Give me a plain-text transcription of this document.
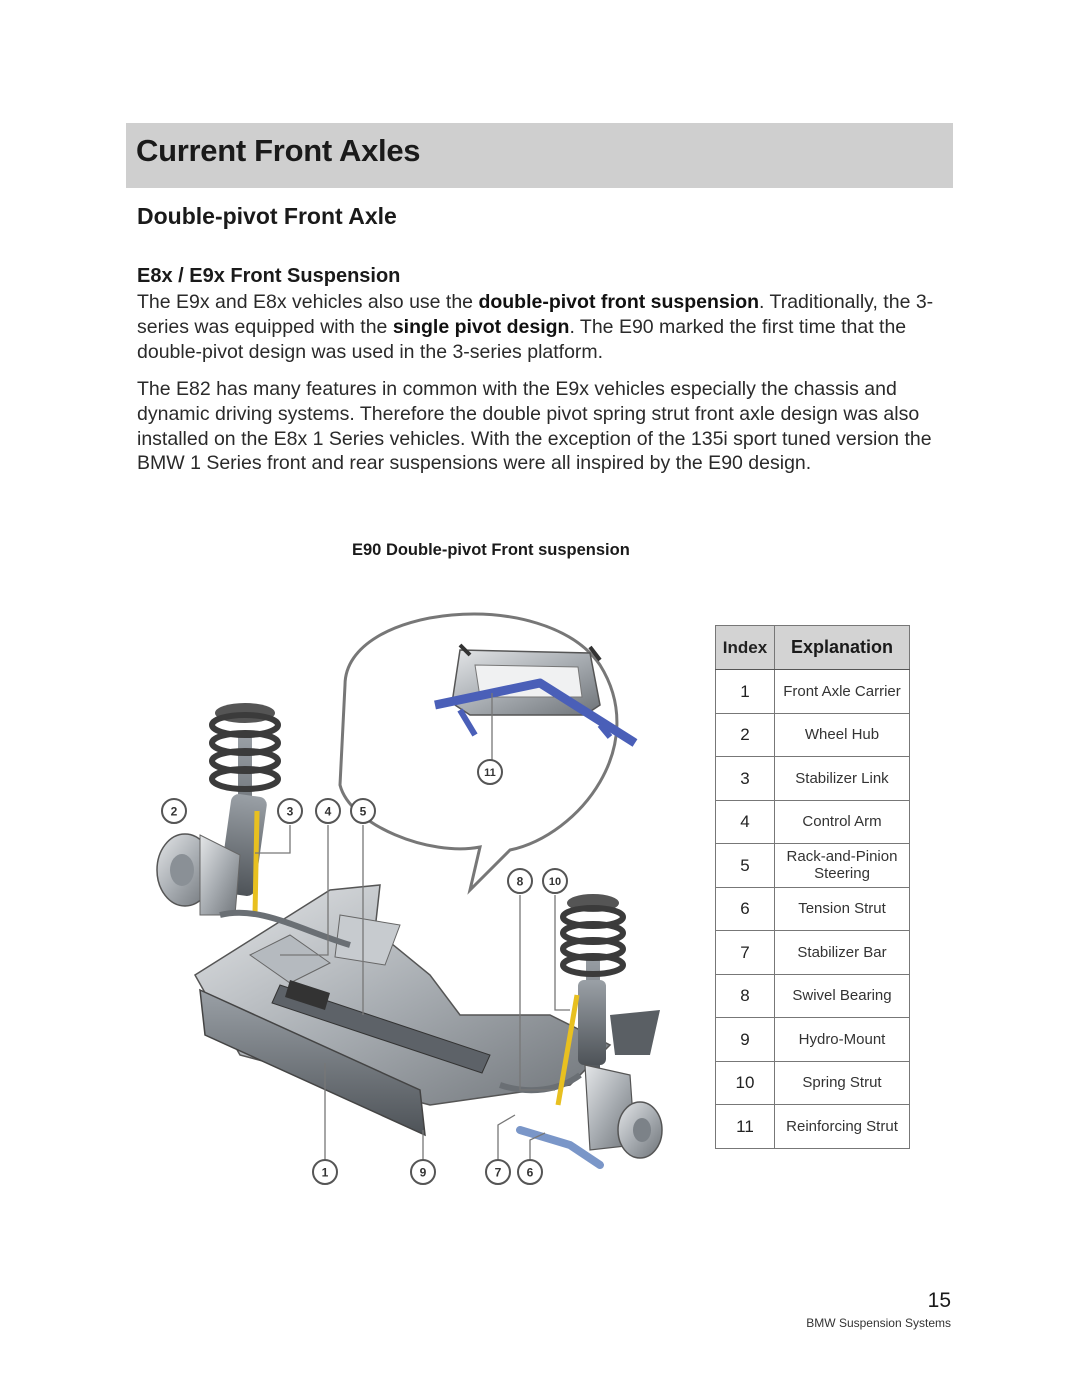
Current Front Axles
Double-pivot Front Axle
E8x / E9x Front Suspension

The E9x and E8x vehicles also use the double-pivot front suspension. Traditionally, the 3-series was equipped with the single pivot design. The E90 marked the first time that the double-pivot design was used in the 3-series platform.

The E82 has many features in common with the E9x vehicles especially the chassis and dynamic driving systems. Therefore the double pivot spring strut front axle design was also installed on the E8x 1 Series vehicles. With the exception of the 135i sport tuned version the BMW 1 Series front and rear suspensions were all inspired by the E90 design.

E90 Double-pivot Front suspension

2	3	4 5
11
8 10
1	9	7 6
Index	Explanation
1	Front Axle Carrier
2	Wheel Hub
3	Stabilizer Link
4	Control Arm
5	Rack-and-Pinion Steering
6	Tension Strut
7	Stabilizer Bar
8	Swivel Bearing
9	Hydro-Mount
10	Spring Strut
11	Reinforcing Strut

15

BMW Suspension Systems
